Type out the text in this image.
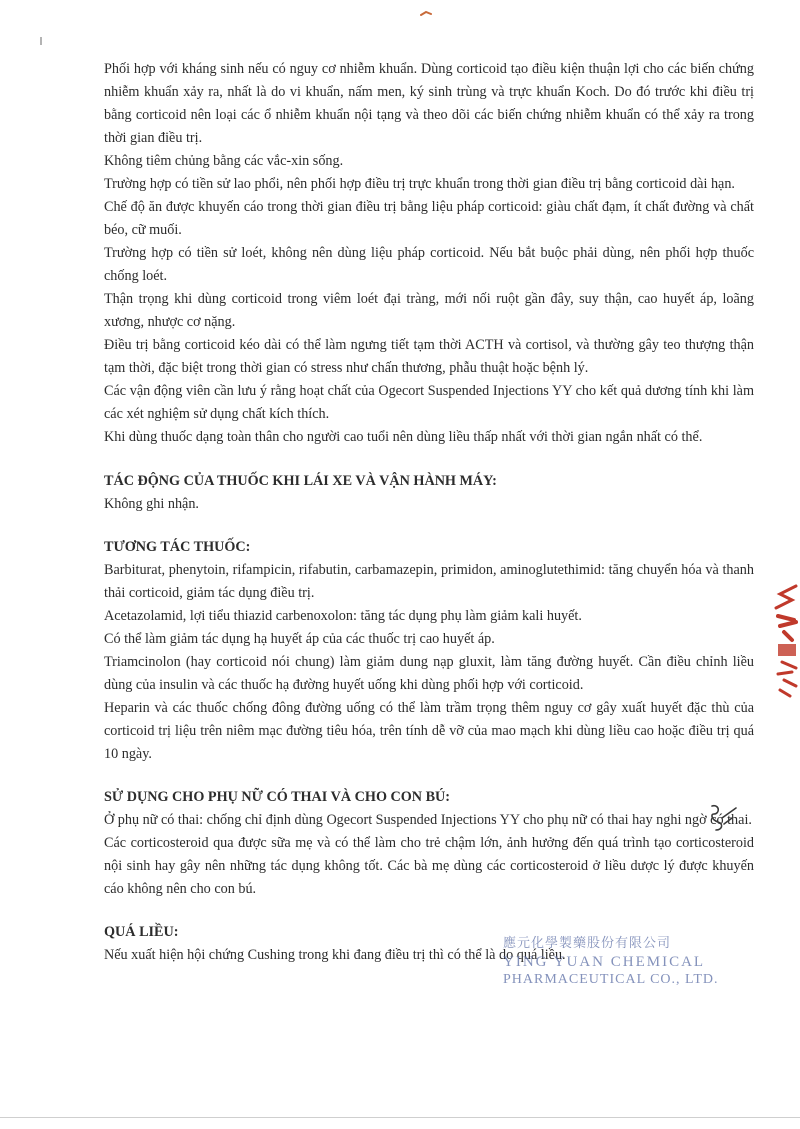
Phối hợp với kháng sinh nếu có nguy cơ nhiễm khuẩn. Dùng corticoid tạo điều kiện thuận lợi cho các biến chứng nhiễm khuẩn xảy ra, nhất là do vi khuẩn, nấm men, ký sinh trùng và trực khuẩn Koch. Do đó trước khi điều trị bằng corticoid nên loại các ổ nhiễm khuẩn nội tạng và theo dõi các biến chứng nhiễm khuẩn có thể xảy ra trong thời gian điều trị.

Không tiêm chủng bằng các vắc-xin sống.

Trường hợp có tiền sử lao phổi, nên phối hợp điều trị trực khuẩn trong thời gian điều trị bằng corticoid dài hạn.

Chế độ ăn được khuyến cáo trong thời gian điều trị bằng liệu pháp corticoid: giàu chất đạm, ít chất đường và chất béo, cữ muối.

Trường hợp có tiền sử loét, không nên dùng liệu pháp corticoid. Nếu bắt buộc phải dùng, nên phối hợp thuốc chống loét.

Thận trọng khi dùng corticoid trong viêm loét đại tràng, mới nối ruột gần đây, suy thận, cao huyết áp, loãng xương, nhược cơ nặng.

Điều trị bằng corticoid kéo dài có thể làm ngưng tiết tạm thời ACTH và cortisol, và thường gây teo thượng thận tạm thời, đặc biệt trong thời gian có stress như chấn thương, phẫu thuật hoặc bệnh lý.

Các vận động viên cần lưu ý rằng hoạt chất của Ogecort Suspended Injections YY cho kết quả dương tính khi làm các xét nghiệm sử dụng chất kích thích.

Khi dùng thuốc dạng toàn thân cho người cao tuổi nên dùng liều thấp nhất với thời gian ngắn nhất có thể.

TÁC ĐỘNG CỦA THUỐC KHI LÁI XE VÀ VẬN HÀNH MÁY:

Không ghi nhận.

TƯƠNG TÁC THUỐC:

Barbiturat, phenytoin, rifampicin, rifabutin, carbamazepin, primidon, aminoglutethimid: tăng chuyển hóa và thanh thải corticoid, giảm tác dụng điều trị.

Acetazolamid, lợi tiểu thiazid carbenoxolon: tăng tác dụng phụ làm giảm kali huyết.

Có thể làm giảm tác dụng hạ huyết áp của các thuốc trị cao huyết áp.

Triamcinolon (hay corticoid nói chung) làm giảm dung nạp gluxit, làm tăng đường huyết. Cần điều chỉnh liều dùng của insulin và các thuốc hạ đường huyết uống khi dùng phối hợp với corticoid.

Heparin và các thuốc chống đông đường uống có thể làm trầm trọng thêm nguy cơ gây xuất huyết đặc thù của corticoid trị liệu trên niêm mạc đường tiêu hóa, trên tính dễ vỡ của mao mạch khi dùng liều cao hoặc điều trị quá 10 ngày.

SỬ DỤNG CHO PHỤ NỮ CÓ THAI VÀ CHO CON BÚ:

Ở phụ nữ có thai: chống chỉ định dùng Ogecort Suspended Injections YY cho phụ nữ có thai hay nghi ngờ có thai.

Các corticosteroid qua được sữa mẹ và có thể làm cho trẻ chậm lớn, ảnh hưởng đến quá trình tạo corticosteroid nội sinh hay gây nên những tác dụng không tốt. Các bà mẹ dùng các corticosteroid ở liều dược lý được khuyến cáo không nên cho con bú.

QUÁ LIỀU:

Nếu xuất hiện hội chứng Cushing trong khi đang điều trị thì có thể là do quá liều.

應元化學製藥股份有限公司
YING YUAN CHEMICAL
PHARMACEUTICAL CO., LTD.
